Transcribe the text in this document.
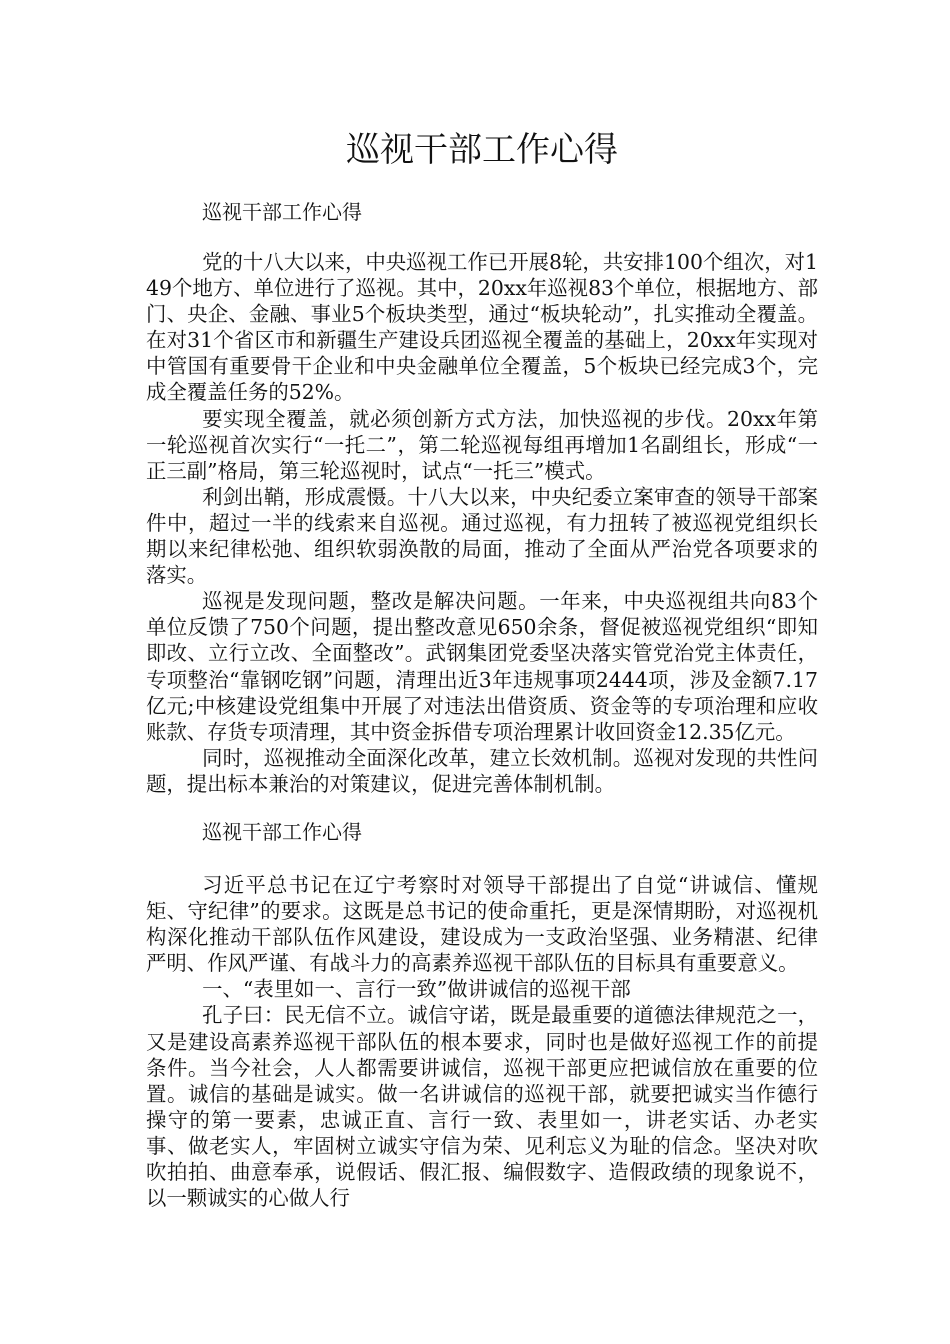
巡视干部工作心得
巡视干部工作心得

党的十八大以来，中央巡视工作已开展8轮，共安排100个组次，对149个地方、单位进行了巡视。其中，20xx年巡视83个单位，根据地方、部门、央企、金融、事业5个板块类型，通过“板块轮动”，扎实推动全覆盖。在对31个省区市和新疆生产建设兵团巡视全覆盖的基础上，20xx年实现对中管国有重要骨干企业和中央金融单位全覆盖，5个板块已经完成3个，完成全覆盖任务的52%。

要实现全覆盖，就必须创新方式方法，加快巡视的步伐。20xx年第一轮巡视首次实行“一托二”，第二轮巡视每组再增加1名副组长，形成“一正三副”格局，第三轮巡视时，试点“一托三”模式。

利剑出鞘，形成震慑。十八大以来，中央纪委立案审查的领导干部案件中，超过一半的线索来自巡视。通过巡视，有力扭转了被巡视党组织长期以来纪律松弛、组织软弱涣散的局面，推动了全面从严治党各项要求的落实。

巡视是发现问题，整改是解决问题。一年来，中央巡视组共向83个单位反馈了750个问题，提出整改意见650余条，督促被巡视党组织“即知即改、立行立改、全面整改”。武钢集团党委坚决落实管党治党主体责任，专项整治“靠钢吃钢”问题，清理出近3年违规事项2444项，涉及金额7.17亿元;中核建设党组集中开展了对违法出借资质、资金等的专项治理和应收账款、存货专项清理，其中资金拆借专项治理累计收回资金12.35亿元。

同时，巡视推动全面深化改革，建立长效机制。巡视对发现的共性问题，提出标本兼治的对策建议，促进完善体制机制。

巡视干部工作心得

习近平总书记在辽宁考察时对领导干部提出了自觉“讲诚信、懂规矩、守纪律”的要求。这既是总书记的使命重托，更是深情期盼，对巡视机构深化推动干部队伍作风建设，建设成为一支政治坚强、业务精湛、纪律严明、作风严谨、有战斗力的高素养巡视干部队伍的目标具有重要意义。

一、“表里如一、言行一致”做讲诚信的巡视干部

孔子曰：民无信不立。诚信守诺，既是最重要的道德法律规范之一，又是建设高素养巡视干部队伍的根本要求，同时也是做好巡视工作的前提条件。当今社会，人人都需要讲诚信，巡视干部更应把诚信放在重要的位置。诚信的基础是诚实。做一名讲诚信的巡视干部，就要把诚实当作德行操守的第一要素，忠诚正直、言行一致、表里如一，讲老实话、办老实事、做老实人，牢固树立诚实守信为荣、见利忘义为耻的信念。坚决对吹吹拍拍、曲意奉承，说假话、假汇报、编假数字、造假政绩的现象说不，以一颗诚实的心做人行
